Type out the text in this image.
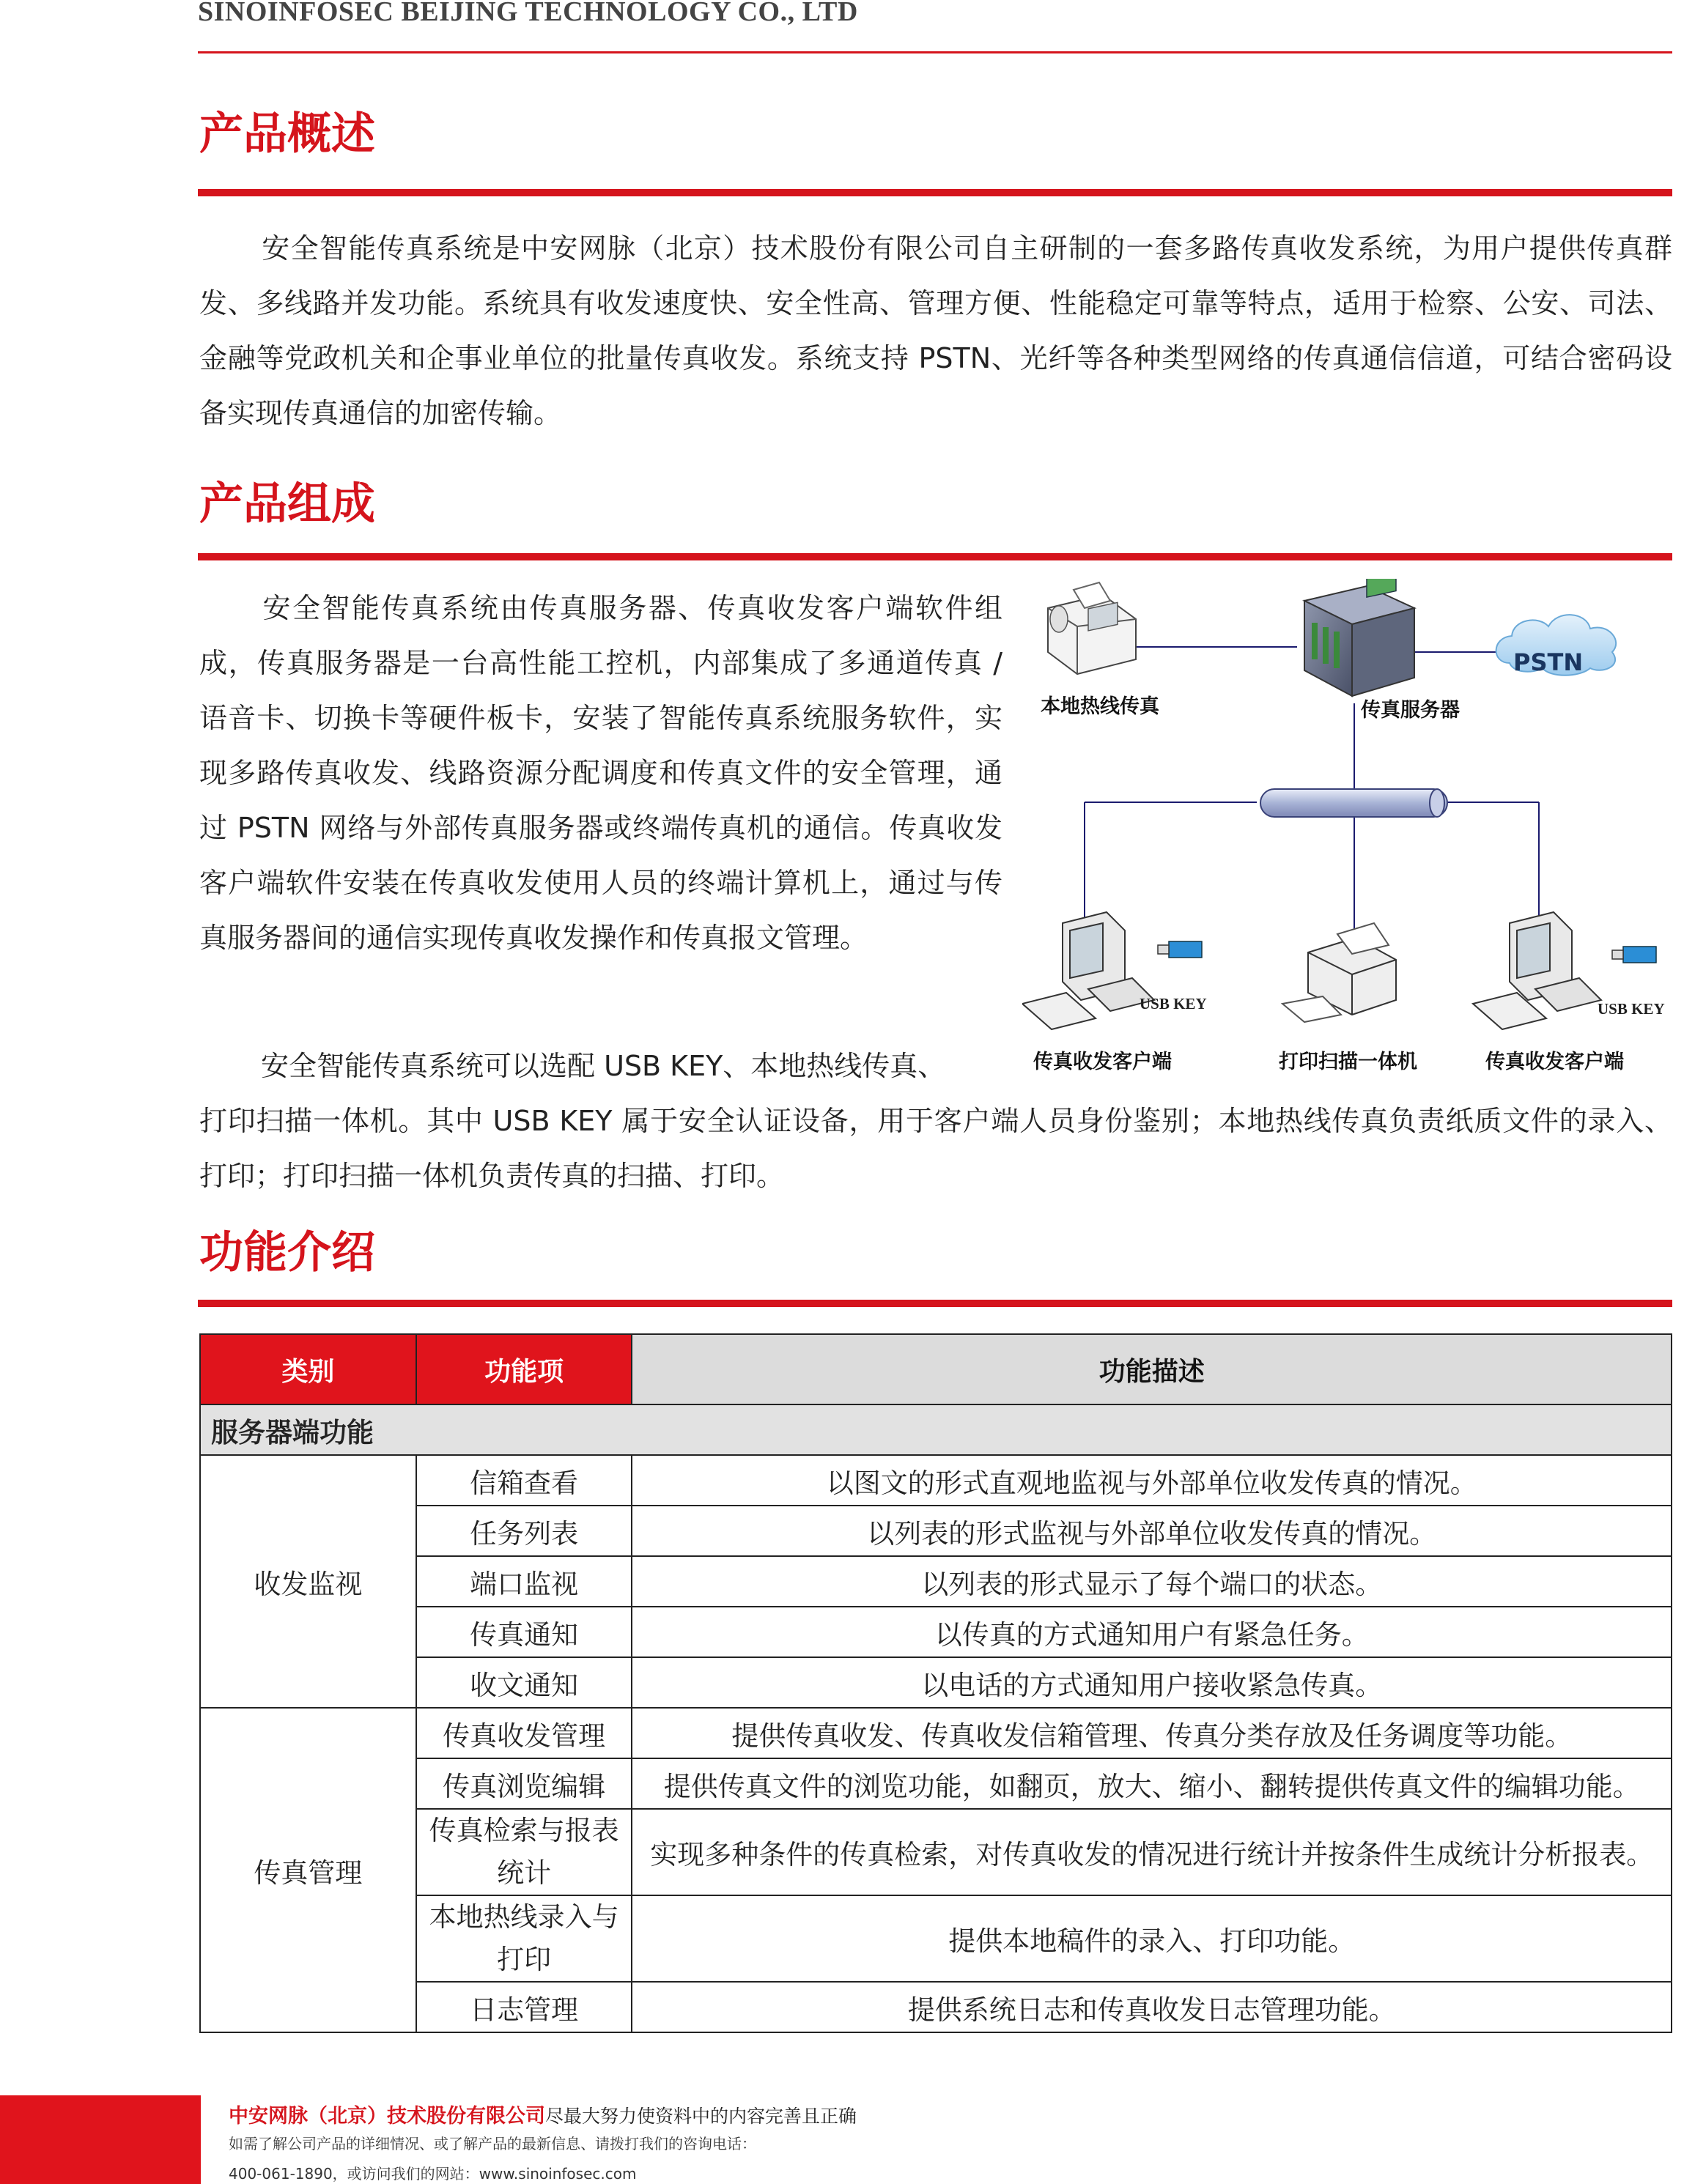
SINOINFOSEC BEIJING TECHNOLOGY CO., LTD
产品概述
安全智能传真系统是中安网脉（北京）技术股份有限公司自主研制的一套多路传真收发系统，为用户提供传真群发、多线路并发功能。系统具有收发速度快、安全性高、管理方便、性能稳定可靠等特点，适用于检察、公安、司法、金融等党政机关和企事业单位的批量传真收发。系统支持 PSTN、光纤等各种类型网络的传真通信信道，可结合密码设备实现传真通信的加密传输。
产品组成
安全智能传真系统由传真服务器、传真收发客户端软件组成，传真服务器是一台高性能工控机，内部集成了多通道传真 / 语音卡、切换卡等硬件板卡，安装了智能传真系统服务软件，实现多路传真收发、线路资源分配调度和传真文件的安全管理，通过 PSTN 网络与外部传真服务器或终端传真机的通信。传真收发客户端软件安装在传真收发使用人员的终端计算机上，通过与传真服务器间的通信实现传真收发操作和传真报文管理。
安全智能传真系统可以选配 USB KEY、本地热线传真、
打印扫描一体机。其中 USB KEY 属于安全认证设备，用于客户端人员身份鉴别；本地热线传真负责纸质文件的录入、打印；打印扫描一体机负责传真的扫描、打印。
PSTN
本地热线传真	传真服务器
USB KEY	USB KEY
传真收发客户端	打印扫描一体机	传真收发客户端
功能介绍
类别	功能项	功能描述
服务器端功能		
收发监视	信箱查看	以图文的形式直观地监视与外部单位收发传真的情况。
	任务列表	以列表的形式监视与外部单位收发传真的情况。
	端口监视	以列表的形式显示了每个端口的状态。
	传真通知	以传真的方式通知用户有紧急任务。
	收文通知	以电话的方式通知用户接收紧急传真。
传真管理	传真收发管理	提供传真收发、传真收发信箱管理、传真分类存放及任务调度等功能。
	传真浏览编辑	提供传真文件的浏览功能，如翻页，放大、缩小、翻转提供传真文件的编辑功能。
	传真检索与报表统计	实现多种条件的传真检索，对传真收发的情况进行统计并按条件生成统计分析报表。
	本地热线录入与打印	提供本地稿件的录入、打印功能。
	日志管理	提供系统日志和传真收发日志管理功能。
中安网脉（北京）技术股份有限公司尽最大努力使资料中的内容完善且正确
如需了解公司产品的详细情况、或了解产品的最新信息、请拨打我们的咨询电话：
400-061-1890，或访问我们的网站：www.sinoinfosec.com
